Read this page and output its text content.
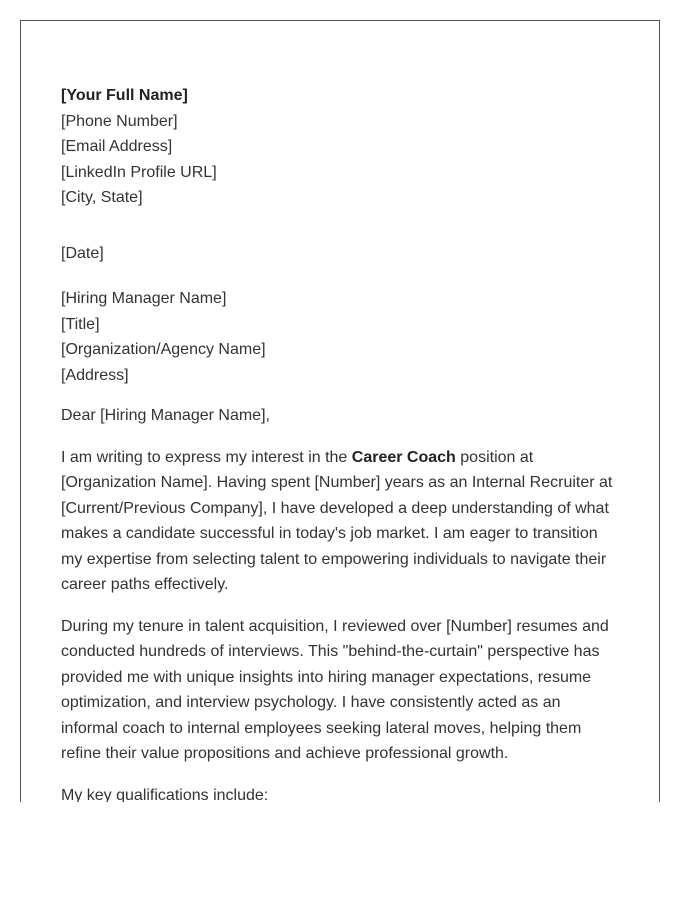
[Your Full Name]
[Phone Number]
[Email Address]
[LinkedIn Profile URL]
[City, State]
[Date]
[Hiring Manager Name]
[Title]
[Organization/Agency Name]
[Address]

Dear [Hiring Manager Name],

I am writing to express my interest in the Career Coach position at [Organization Name]. Having spent [Number] years as an Internal Recruiter at [Current/Previous Company], I have developed a deep understanding of what makes a candidate successful in today's job market. I am eager to transition my expertise from selecting talent to empowering individuals to navigate their career paths effectively.

During my tenure in talent acquisition, I reviewed over [Number] resumes and conducted hundreds of interviews. This "behind-the-curtain" perspective has provided me with unique insights into hiring manager expectations, resume optimization, and interview psychology. I have consistently acted as an informal coach to internal employees seeking lateral moves, helping them refine their value propositions and achieve professional growth.

My key qualifications include:
